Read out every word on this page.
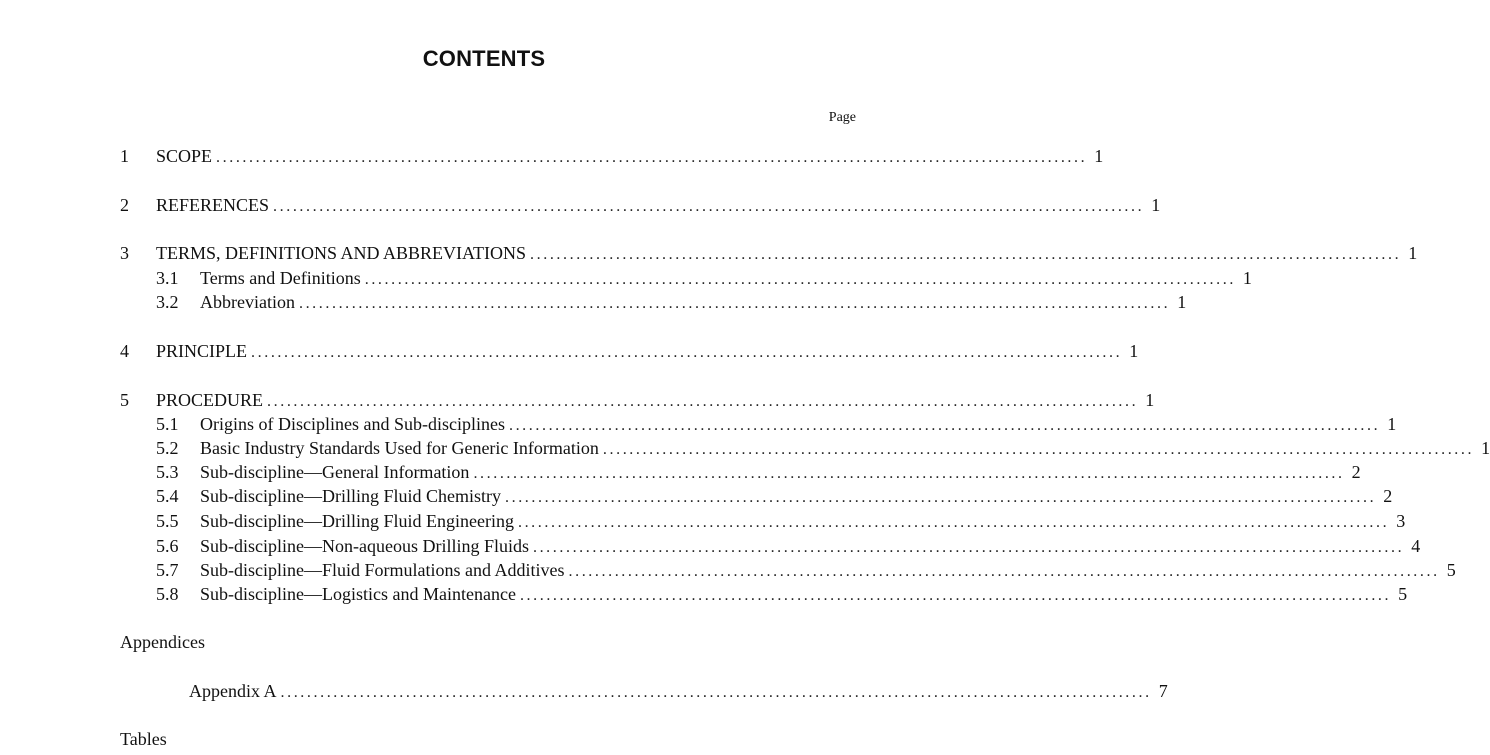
CONTENTS
Page
1 SCOPE .................................................................................................................................... 1
2 REFERENCES .................................................................................................................................... 1
3 TERMS, DEFINITIONS AND ABBREVIATIONS .................................................................................................................................... 1
3.1 Terms and Definitions .................................................................................................................................... 1
3.2 Abbreviation .................................................................................................................................... 1
4 PRINCIPLE .................................................................................................................................... 1
5 PROCEDURE .................................................................................................................................... 1
5.1 Origins of Disciplines and Sub-disciplines .................................................................................................................................... 1
5.2 Basic Industry Standards Used for Generic Information .................................................................................................................................... 1
5.3 Sub-discipline—General Information .................................................................................................................................... 2
5.4 Sub-discipline—Drilling Fluid Chemistry .................................................................................................................................... 2
5.5 Sub-discipline—Drilling Fluid Engineering .................................................................................................................................... 3
5.6 Sub-discipline—Non-aqueous Drilling Fluids .................................................................................................................................... 4
5.7 Sub-discipline—Fluid Formulations and Additives .................................................................................................................................... 5
5.8 Sub-discipline—Logistics and Maintenance .................................................................................................................................... 5
Appendices
Appendix A .................................................................................................................................... 7
Tables
